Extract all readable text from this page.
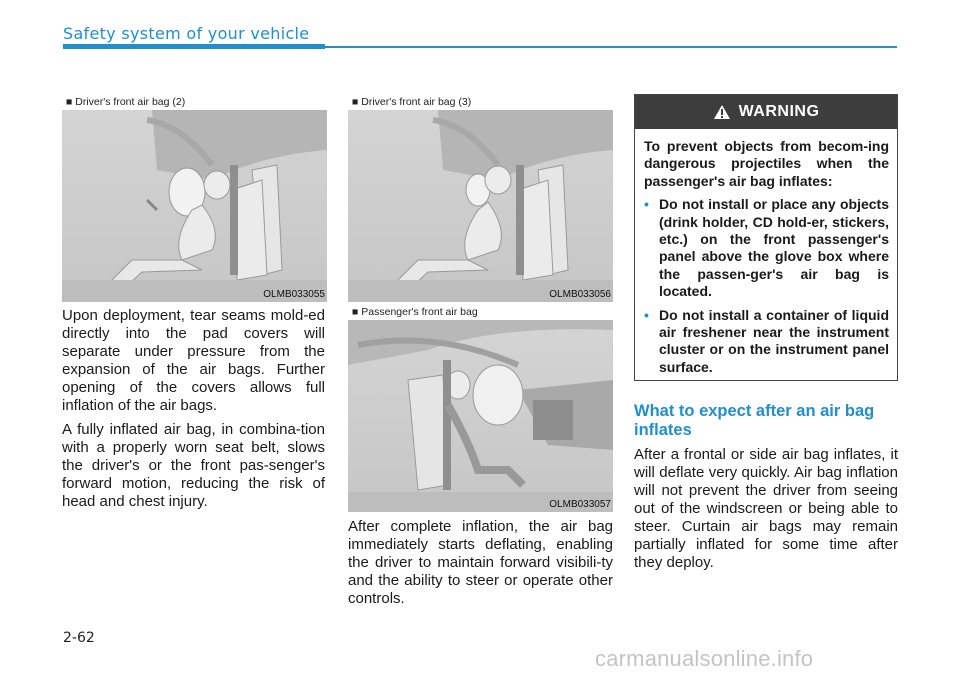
Safety system of your vehicle
■ Driver's front air bag (2)
OLMB033055
■ Driver's front air bag (3)
OLMB033056
■ Passenger's front air bag
OLMB033057

Upon deployment, tear seams mold-ed directly into the pad covers will separate under pressure from the expansion of the air bags. Further opening of the covers allows full inflation of the air bags.

A fully inflated air bag, in combina-tion with a properly worn seat belt, slows the driver's or the front pas-senger's forward motion, reducing the risk of head and chest injury.

After complete inflation, the air bag immediately starts deflating, enabling the driver to maintain forward visibili-ty and the ability to steer or operate other controls.

WARNING
To prevent objects from becom-ing dangerous projectiles when the passenger's air bag inflates:
• Do not install or place any objects (drink holder, CD hold-er, stickers, etc.) on the front passenger's panel above the glove box where the passen-ger's air bag is located.
• Do not install a container of liquid air freshener near the instrument cluster or on the instrument panel surface.
What to expect after an air bag inflates

After a frontal or side air bag inflates, it will deflate very quickly. Air bag inflation will not prevent the driver from seeing out of the windscreen or being able to steer. Curtain air bags may remain partially inflated for some time after they deploy.

2-62
carmanualsonline.info
